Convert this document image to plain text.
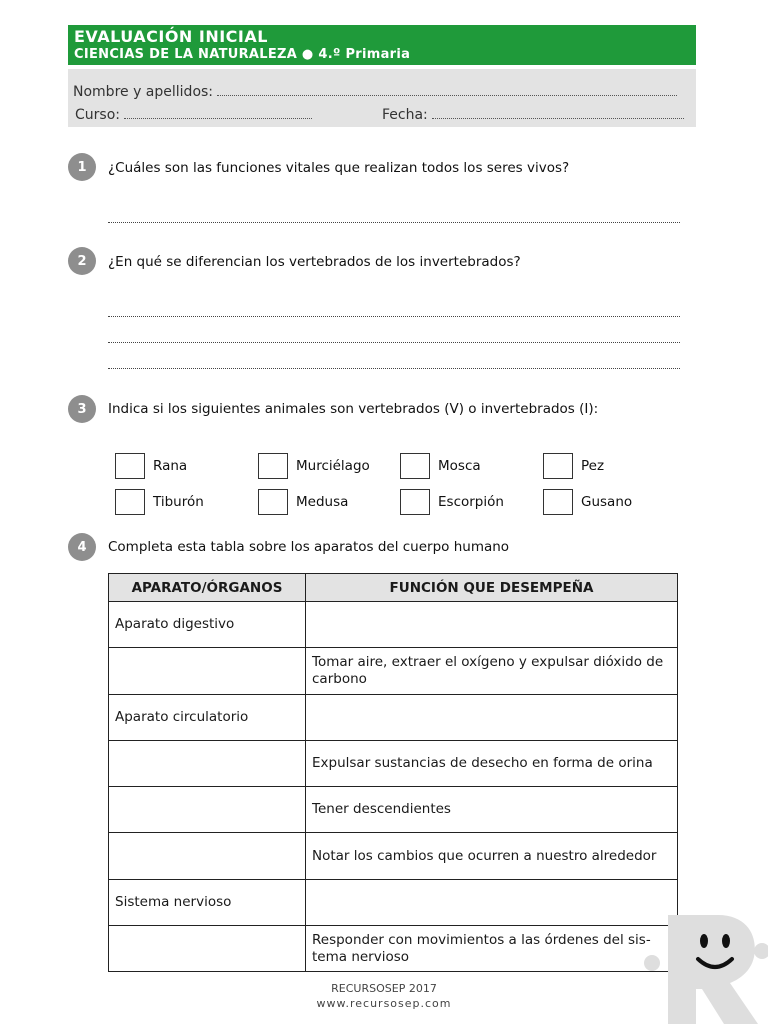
EVALUACIÓN INICIAL
CIENCIAS DE LA NATURALEZA ● 4.º Primaria
Nombre y apellidos:
Curso:	Fecha:
1	¿Cuáles son las funciones vitales que realizan todos los seres vivos?
2	¿En qué se diferencian los vertebrados de los invertebrados?
3	Indica si los siguientes animales son vertebrados (V) o invertebrados (I):
Rana	Murciélago	Mosca	Pez
Tiburón	Medusa	Escorpión	Gusano
4	Completa esta tabla sobre los aparatos del cuerpo humano
APARATO/ÓRGANOS	FUNCIÓN QUE DESEMPEÑA
Aparato digestivo	
	Tomar aire, extraer el oxígeno y expulsar dióxido de carbono
Aparato circulatorio	
	Expulsar sustancias de desecho en forma de orina
	Tener descendientes
	Notar los cambios que ocurren a nuestro alrededor
Sistema nervioso	
	Responder con movimientos a las órdenes del sis-tema nervioso
RECURSOSEP 2017
www.recursosep.com
